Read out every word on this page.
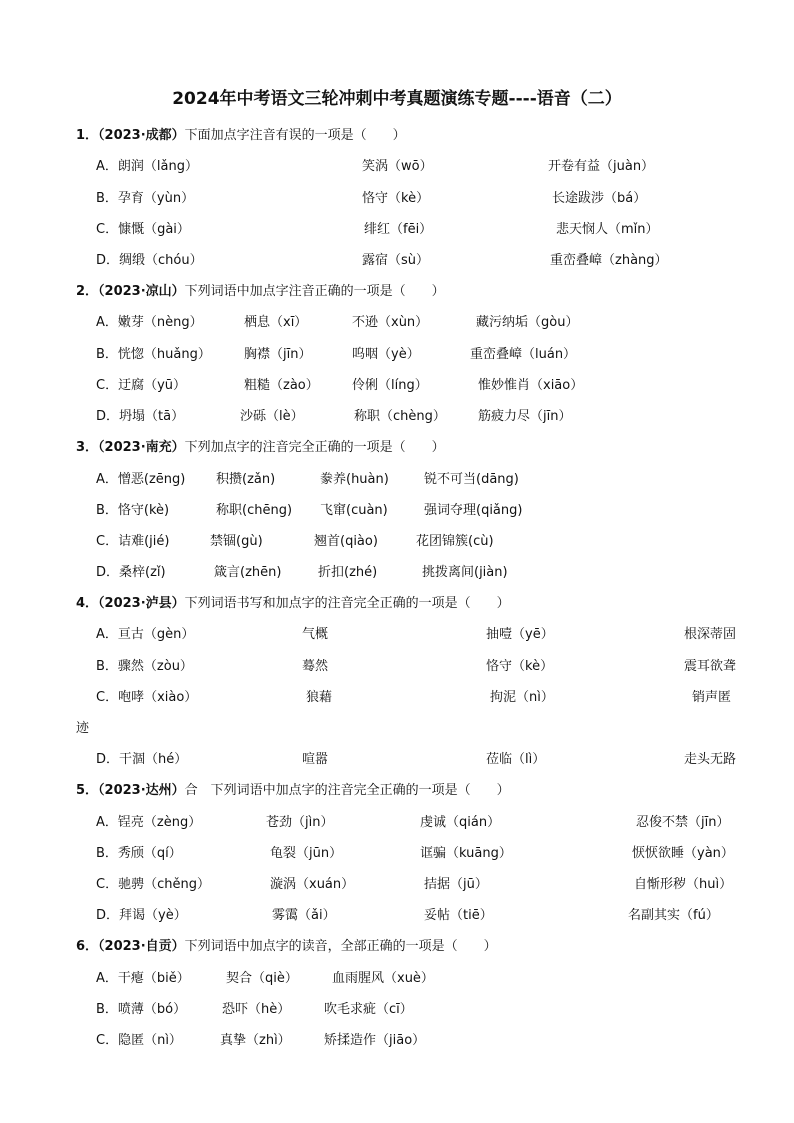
2024年中考语文三轮冲刺中考真题演练专题----语音（二）
1．（2023·成都）下面加点字注音有误的一项是（　　）
A．朗润（lǎng）	笑涡（wō）	开卷有益（juàn）
B．孕育（yùn）	恪守（kè）	长途跋涉（bá）
C．慷慨（gài）	绯红（fēi）	悲天悯人（mǐn）
D．绸缎（chóu）	露宿（sù）	重峦叠嶂（zhàng）
2．（2023·凉山）下列词语中加点字注音正确的一项是（　　）
A．嫩芽（nèng）	栖息（xī）	不逊（xùn）	藏污纳垢（gòu）
B．恍惚（huǎng）	胸襟（jīn）	呜咽（yè）	重峦叠嶂（luán）
C．迂腐（yū）	粗糙（zào）	伶俐（líng）	惟妙惟肖（xiāo）
D．坍塌（tā）	沙砾（lè）	称职（chèng） 筋疲力尽（jīn）
3．（2023·南充）下列加点字的注音完全正确的一项是（　　）
A．憎恶(zēng) 积攒(zǎn)	豢养(huàn)	锐不可当(dāng)
B．恪守(kè)	称职(chēng) 飞窜(cuàn)	强词夺理(qiǎng)
C．诘难(jié)	禁锢(gù)	翘首(qiào)	花团锦簇(cù)
D．桑梓(zǐ)	箴言(zhēn)	折扣(zhé)	挑拨离间(jiàn)
4．（2023·泸县）下列词语书写和加点字的注音完全正确的一项是（　　）
A．亘古（gèn）	气概	抽噎（yē）	根深蒂固
B．骤然（zòu）	蓦然	恪守（kè）	震耳欲聋
C．咆哮（xiào）	狼藉	拘泥（nì）	销声匿
迹
D．干涸（hé）	喧嚣	莅临（lì）	走头无路
5．（2023·达州）合　下列词语中加点字的注音完全正确的一项是（　　）
A．锃亮（zèng）	苍劲（jìn）	虔诚（qián）	忍俊不禁（jīn）
B．秀颀（qí）	龟裂（jūn）	诓骗（kuāng）	恹恹欲睡（yàn）
C．驰骋（chěng）	漩涡（xuán）	拮据（jū）	自惭形秽（huì）
D．拜谒（yè）	雾霭（ǎi）	妥帖（tiē）	名副其实（fú）
6．（2023·自贡）下列词语中加点字的读音，全部正确的一项是（　　）
A．干瘪（biě）	契合（qiè）	血雨腥风（xuè）
B．喷薄（bó）	恐吓（hè）	吹毛求疵（cī）
C．隐匿（nì）	真挚（zhì）	矫揉造作（jiāo）
